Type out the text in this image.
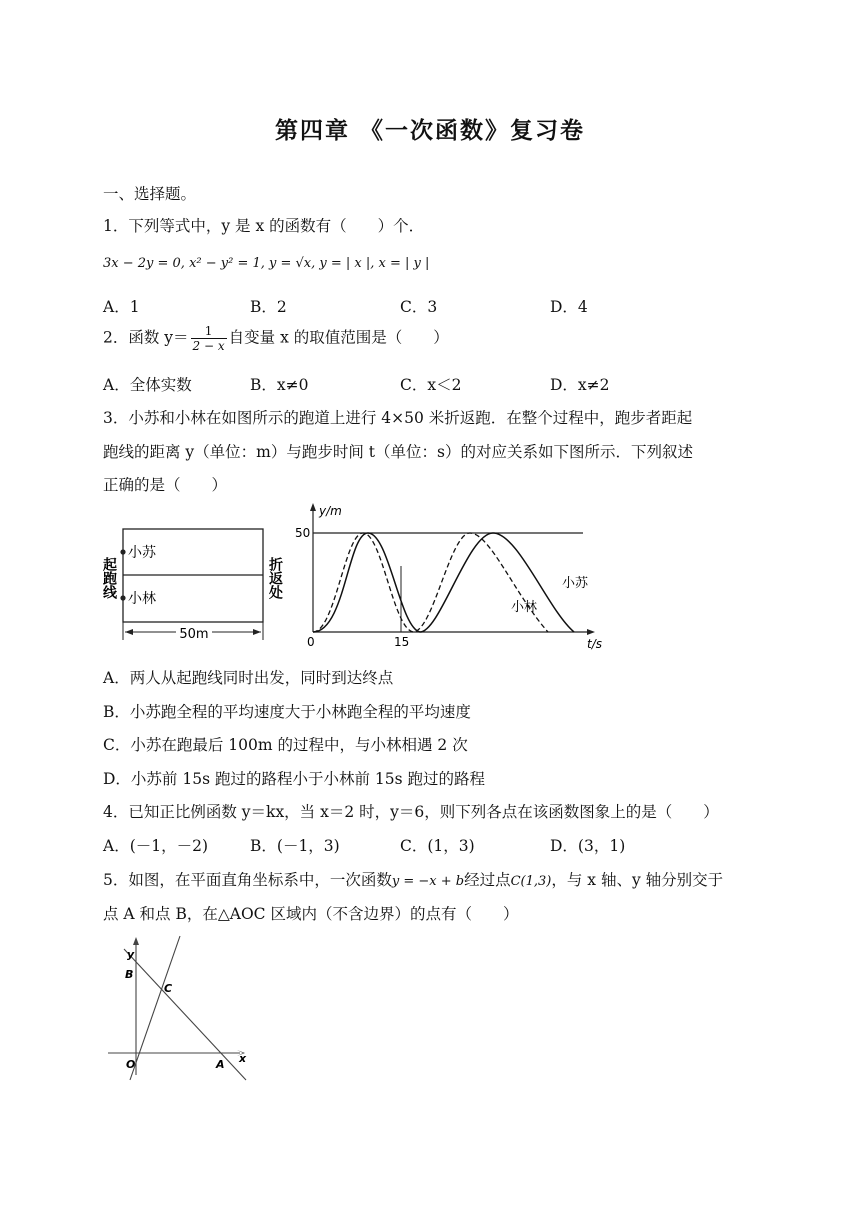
第四章 《一次函数》复习卷
一、选择题。
1．下列等式中，y 是 x 的函数有（　　）个．
3x − 2y = 0, x² − y² = 1, y = √x, y = | x |, x = | y |
A．1	B．2	C．3	D．4
2．函数 $y= \frac{1}{2 - x}$ 自变量 x 的取值范围是（　　）
A．全体实数	B．x≠0	C．x＜2	D．x≠2
3．小苏和小林在如图所示的跑道上进行 4×50 米折返跑．在整个过程中，跑步者距起
跑线的距离 y（单位：m）与跑步时间 t（单位：s）的对应关系如下图所示．下列叙述
正确的是（　　）
小苏
小林
起跑线	折返处
50m
y/m
t/s
50
15
0
小苏
小林
A．两人从起跑线同时出发，同时到达终点
B．小苏跑全程的平均速度大于小林跑全程的平均速度
C．小苏在跑最后 100m 的过程中，与小林相遇 2 次
D．小苏前 15s 跑过的路程小于小林前 15s 跑过的路程
4．已知正比例函数 y＝kx，当 x＝2 时，y＝6，则下列各点在该函数图象上的是（　　）
A．(－1，－2)	B．(－1，3)	C．(1，3)	D．(3，1)
5．如图，在平面直角坐标系中，一次函数y = −x + b经过点C(1,3)，与 x 轴、y 轴分别交于
点 A 和点 B，在△AOC 区域内（不含边界）的点有（　　）
y
x
O	A
B
C
